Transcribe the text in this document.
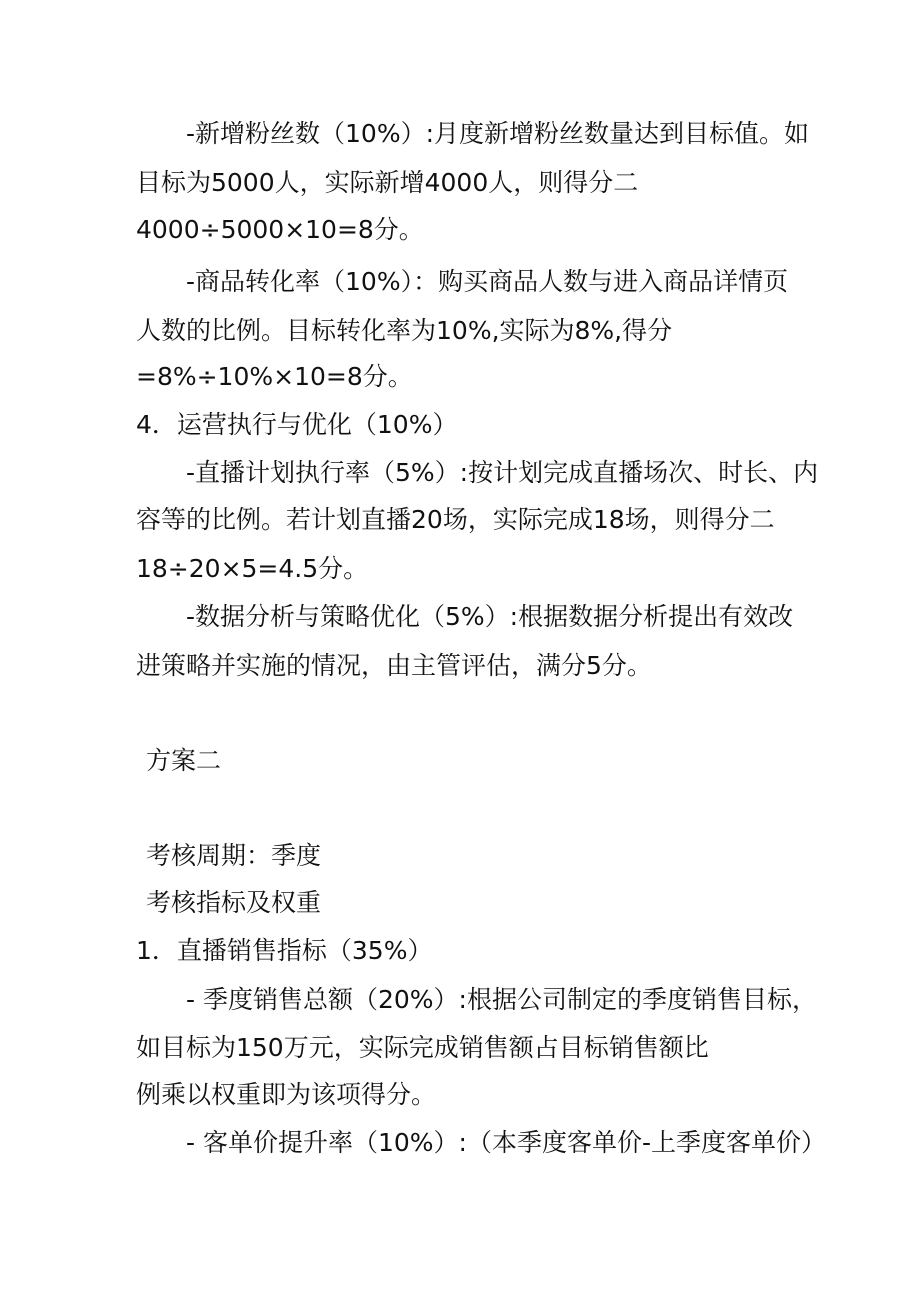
-新增粉丝数（10%）:月度新增粉丝数量达到目标值。如
目标为5000人，实际新增4000人，则得分二
4000÷5000×10=8分。
-商品转化率（10%）：购买商品人数与进入商品详情页
人数的比例。目标转化率为10%,实际为8%,得分
=8%÷10%×10=8分。
4．运营执行与优化（10%）
-直播计划执行率（5%）:按计划完成直播场次、时长、内
容等的比例。若计划直播20场，实际完成18场，则得分二
18÷20×5=4.5分。
-数据分析与策略优化（5%）:根据数据分析提出有效改
进策略并实施的情况，由主管评估，满分5分。
方案二
考核周期：季度
考核指标及权重
1．直播销售指标（35%）
- 季度销售总额（20%）:根据公司制定的季度销售目标，
如目标为150万元，实际完成销售额占目标销售额比
例乘以权重即为该项得分。
- 客单价提升率（10%）:（本季度客单价-上季度客单价）
